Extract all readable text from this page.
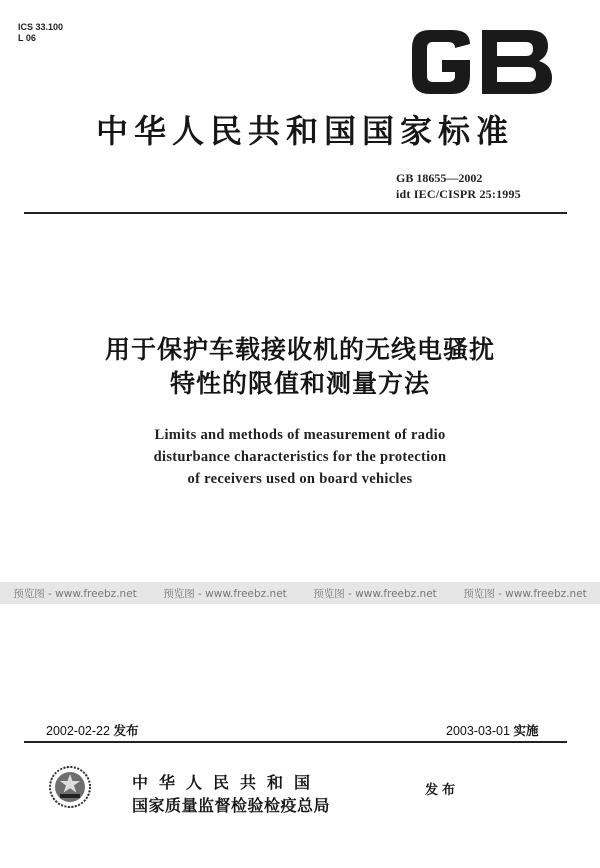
ICS 33.100
L 06
GB
中华人民共和国国家标准
GB 18655—2002
idt IEC/CISPR 25:1995
用于保护车载接收机的无线电骚扰
特性的限值和测量方法
Limits and methods of measurement of radio
disturbance characteristics for the protection
of receivers used on board vehicles
预览图 - www.freebz.net	预览图 - www.freebz.net	预览图 - www.freebz.net	预览图 - www.freebz.net
2002-02-22 发布	2003-03-01 实施
中华人民共和国
国家质量监督检验检疫总局
发布
